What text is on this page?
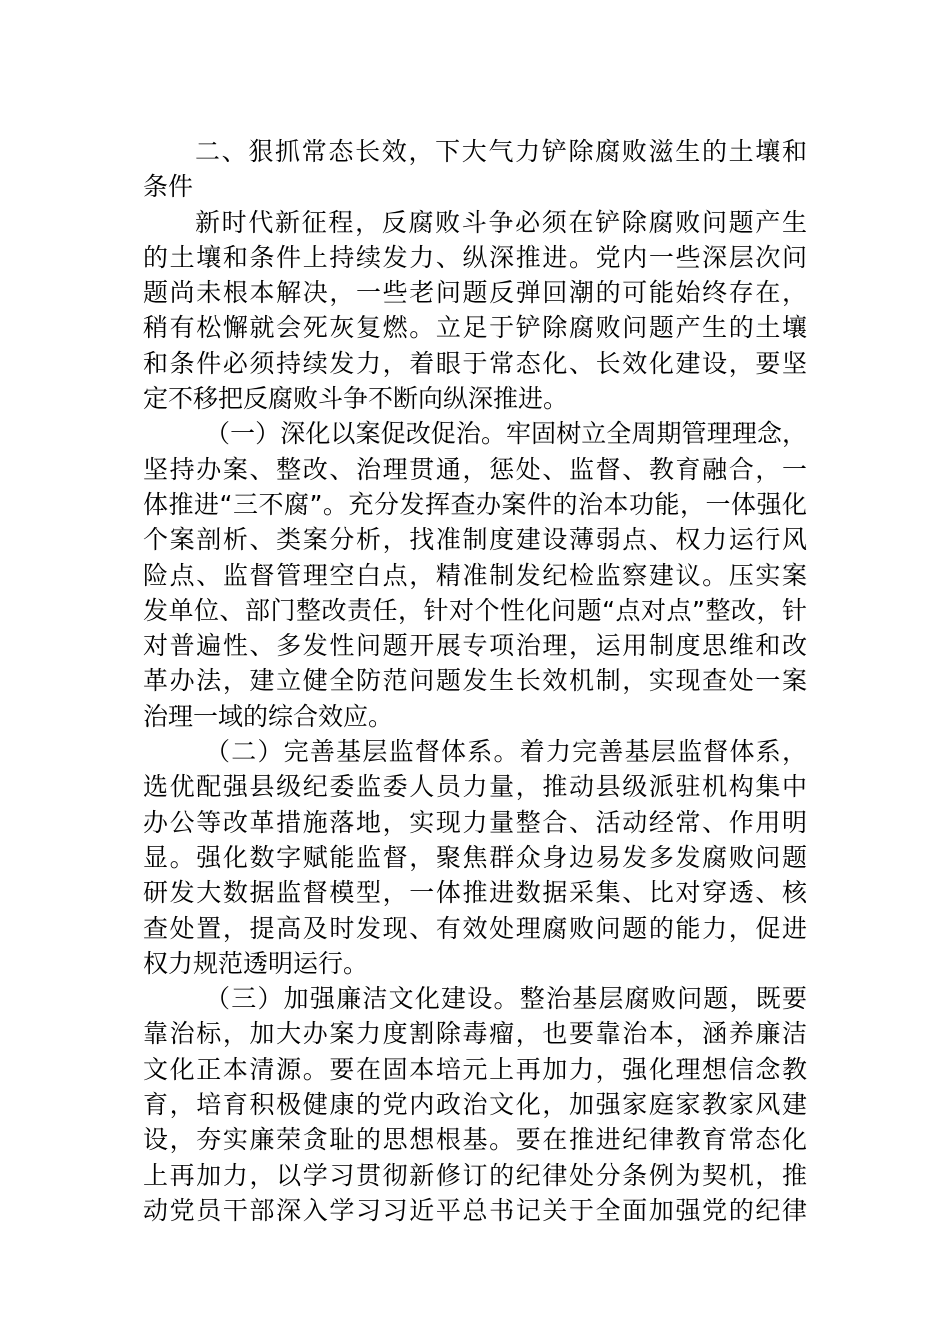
二、狠抓常态长效，下大气力铲除腐败滋生的土壤和
条件
新时代新征程，反腐败斗争必须在铲除腐败问题产生
的土壤和条件上持续发力、纵深推进。党内一些深层次问
题尚未根本解决，一些老问题反弹回潮的可能始终存在，
稍有松懈就会死灰复燃。立足于铲除腐败问题产生的土壤
和条件必须持续发力，着眼于常态化、长效化建设，要坚
定不移把反腐败斗争不断向纵深推进。
（一）深化以案促改促治。牢固树立全周期管理理念，
坚持办案、整改、治理贯通，惩处、监督、教育融合，一
体推进“三不腐”。充分发挥查办案件的治本功能，一体强化
个案剖析、类案分析，找准制度建设薄弱点、权力运行风
险点、监督管理空白点，精准制发纪检监察建议。压实案
发单位、部门整改责任，针对个性化问题“点对点”整改，针
对普遍性、多发性问题开展专项治理，运用制度思维和改
革办法，建立健全防范问题发生长效机制，实现查处一案
治理一域的综合效应。
（二）完善基层监督体系。着力完善基层监督体系，
选优配强县级纪委监委人员力量，推动县级派驻机构集中
办公等改革措施落地，实现力量整合、活动经常、作用明
显。强化数字赋能监督，聚焦群众身边易发多发腐败问题
研发大数据监督模型，一体推进数据采集、比对穿透、核
查处置，提高及时发现、有效处理腐败问题的能力，促进
权力规范透明运行。
（三）加强廉洁文化建设。整治基层腐败问题，既要
靠治标，加大办案力度割除毒瘤，也要靠治本，涵养廉洁
文化正本清源。要在固本培元上再加力，强化理想信念教
育，培育积极健康的党内政治文化，加强家庭家教家风建
设，夯实廉荣贪耻的思想根基。要在推进纪律教育常态化
上再加力，以学习贯彻新修订的纪律处分条例为契机，推
动党员干部深入学习习近平总书记关于全面加强党的纪律
